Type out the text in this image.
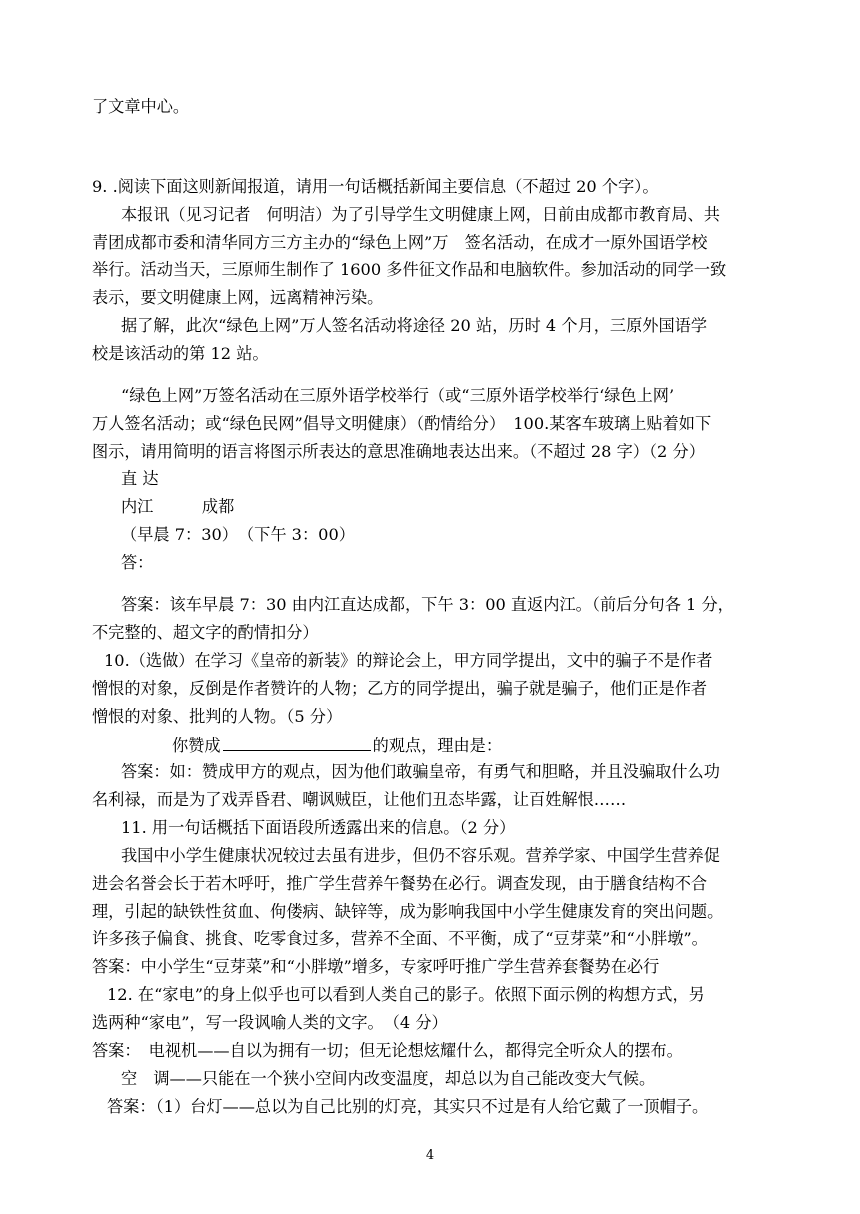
了文章中心。
9. .阅读下面这则新闻报道，请用一句话概括新闻主要信息（不超过 20 个字）。
本报讯（见习记者　何明洁）为了引导学生文明健康上网，日前由成都市教育局、共
青团成都市委和清华同方三方主办的“绿色上网”万　签名活动，在成才一原外国语学校
举行。活动当天，三原师生制作了 1600 多件征文作品和电脑软件。参加活动的同学一致
表示，要文明健康上网，远离精神污染。
据了解，此次“绿色上网”万人签名活动将途径 20 站，历时 4 个月，三原外国语学
校是该活动的第 12 站。
“绿色上网”万签名活动在三原外语学校举行（或“三原外语学校举行‘绿色上网’
万人签名活动；或“绿色民网”倡导文明健康）（酌情给分）　100.某客车玻璃上贴着如下
图示，请用简明的语言将图示所表达的意思准确地表达出来。（不超过 28 字）（2 分）
直 达
内江　　　成都
（早晨 7：30）　（下午 3：00）
答：
答案：该车早晨 7：30 由内江直达成都，下午 3：00 直返内江。（前后分句各 1 分，
不完整的、超文字的酌情扣分）
10.（选做）在学习《皇帝的新装》的辩论会上，甲方同学提出，文中的骗子不是作者
憎恨的对象，反倒是作者赞许的人物；乙方的同学提出，骗子就是骗子，他们正是作者
憎恨的对象、批判的人物。（5 分）
你赞成	的观点，理由是：
答案：如：赞成甲方的观点，因为他们敢骗皇帝，有勇气和胆略，并且没骗取什么功
名利禄，而是为了戏弄昏君、嘲讽贼臣，让他们丑态毕露，让百姓解恨……
11. 用一句话概括下面语段所透露出来的信息。（2 分）
我国中小学生健康状况较过去虽有进步，但仍不容乐观。营养学家、中国学生营养促
进会名誉会长于若木呼吁，推广学生营养午餐势在必行。调查发现，由于膳食结构不合
理，引起的缺铁性贫血、佝偻病、缺锌等，成为影响我国中小学生健康发育的突出问题。
许多孩子偏食、挑食、吃零食过多，营养不全面、不平衡，成了“豆芽菜”和“小胖墩”。
答案：中小学生“豆芽菜”和“小胖墩”增多，专家呼吁推广学生营养套餐势在必行
12. 在“家电”的身上似乎也可以看到人类自己的影子。依照下面示例的构想方式，另
选两种“家电”，写一段讽喻人类的文字。　（4 分）
答案：　电视机——自以为拥有一切；但无论想炫耀什么，都得完全听众人的摆布。
空　调——只能在一个狭小空间内改变温度，却总以为自己能改变大气候。
答案：（1）台灯——总以为自己比别的灯亮，其实只不过是有人给它戴了一顶帽子。
4
